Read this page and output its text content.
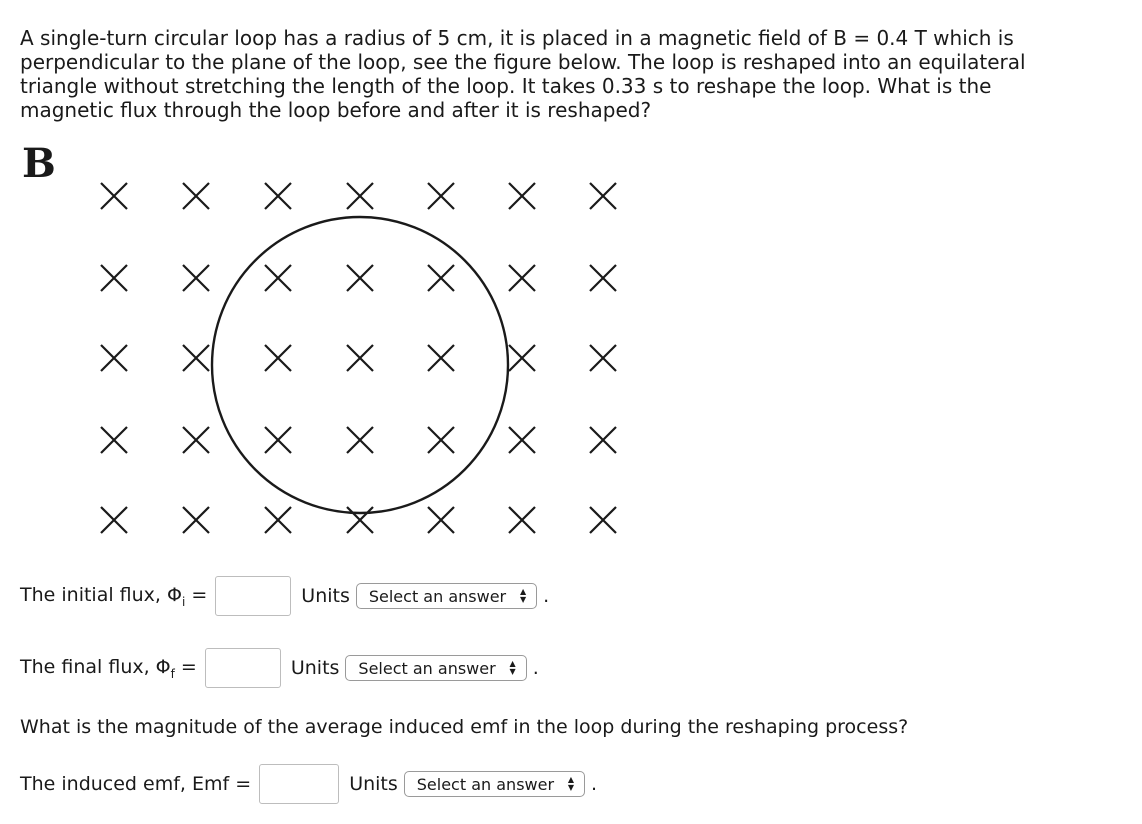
A single-turn circular loop has a radius of 5 cm, it is placed in a magnetic field of B = 0.4 T which is perpendicular to the plane of the loop, see the figure below. The loop is reshaped into an equilateral triangle without stretching the length of the loop. It takes 0.33 s to reshape the loop. What is the magnetic flux through the loop before and after it is reshaped?

B
The initial flux, $\Phi_i$ =	Units Select an answer ▲
▼ .
The final flux, $\Phi_f$ =	Units Select an answer ▲
▼ .

What is the magnitude of the average induced emf in the loop during the reshaping process?

The induced emf, Emf =	Units Select an answer ▲
▼ .
